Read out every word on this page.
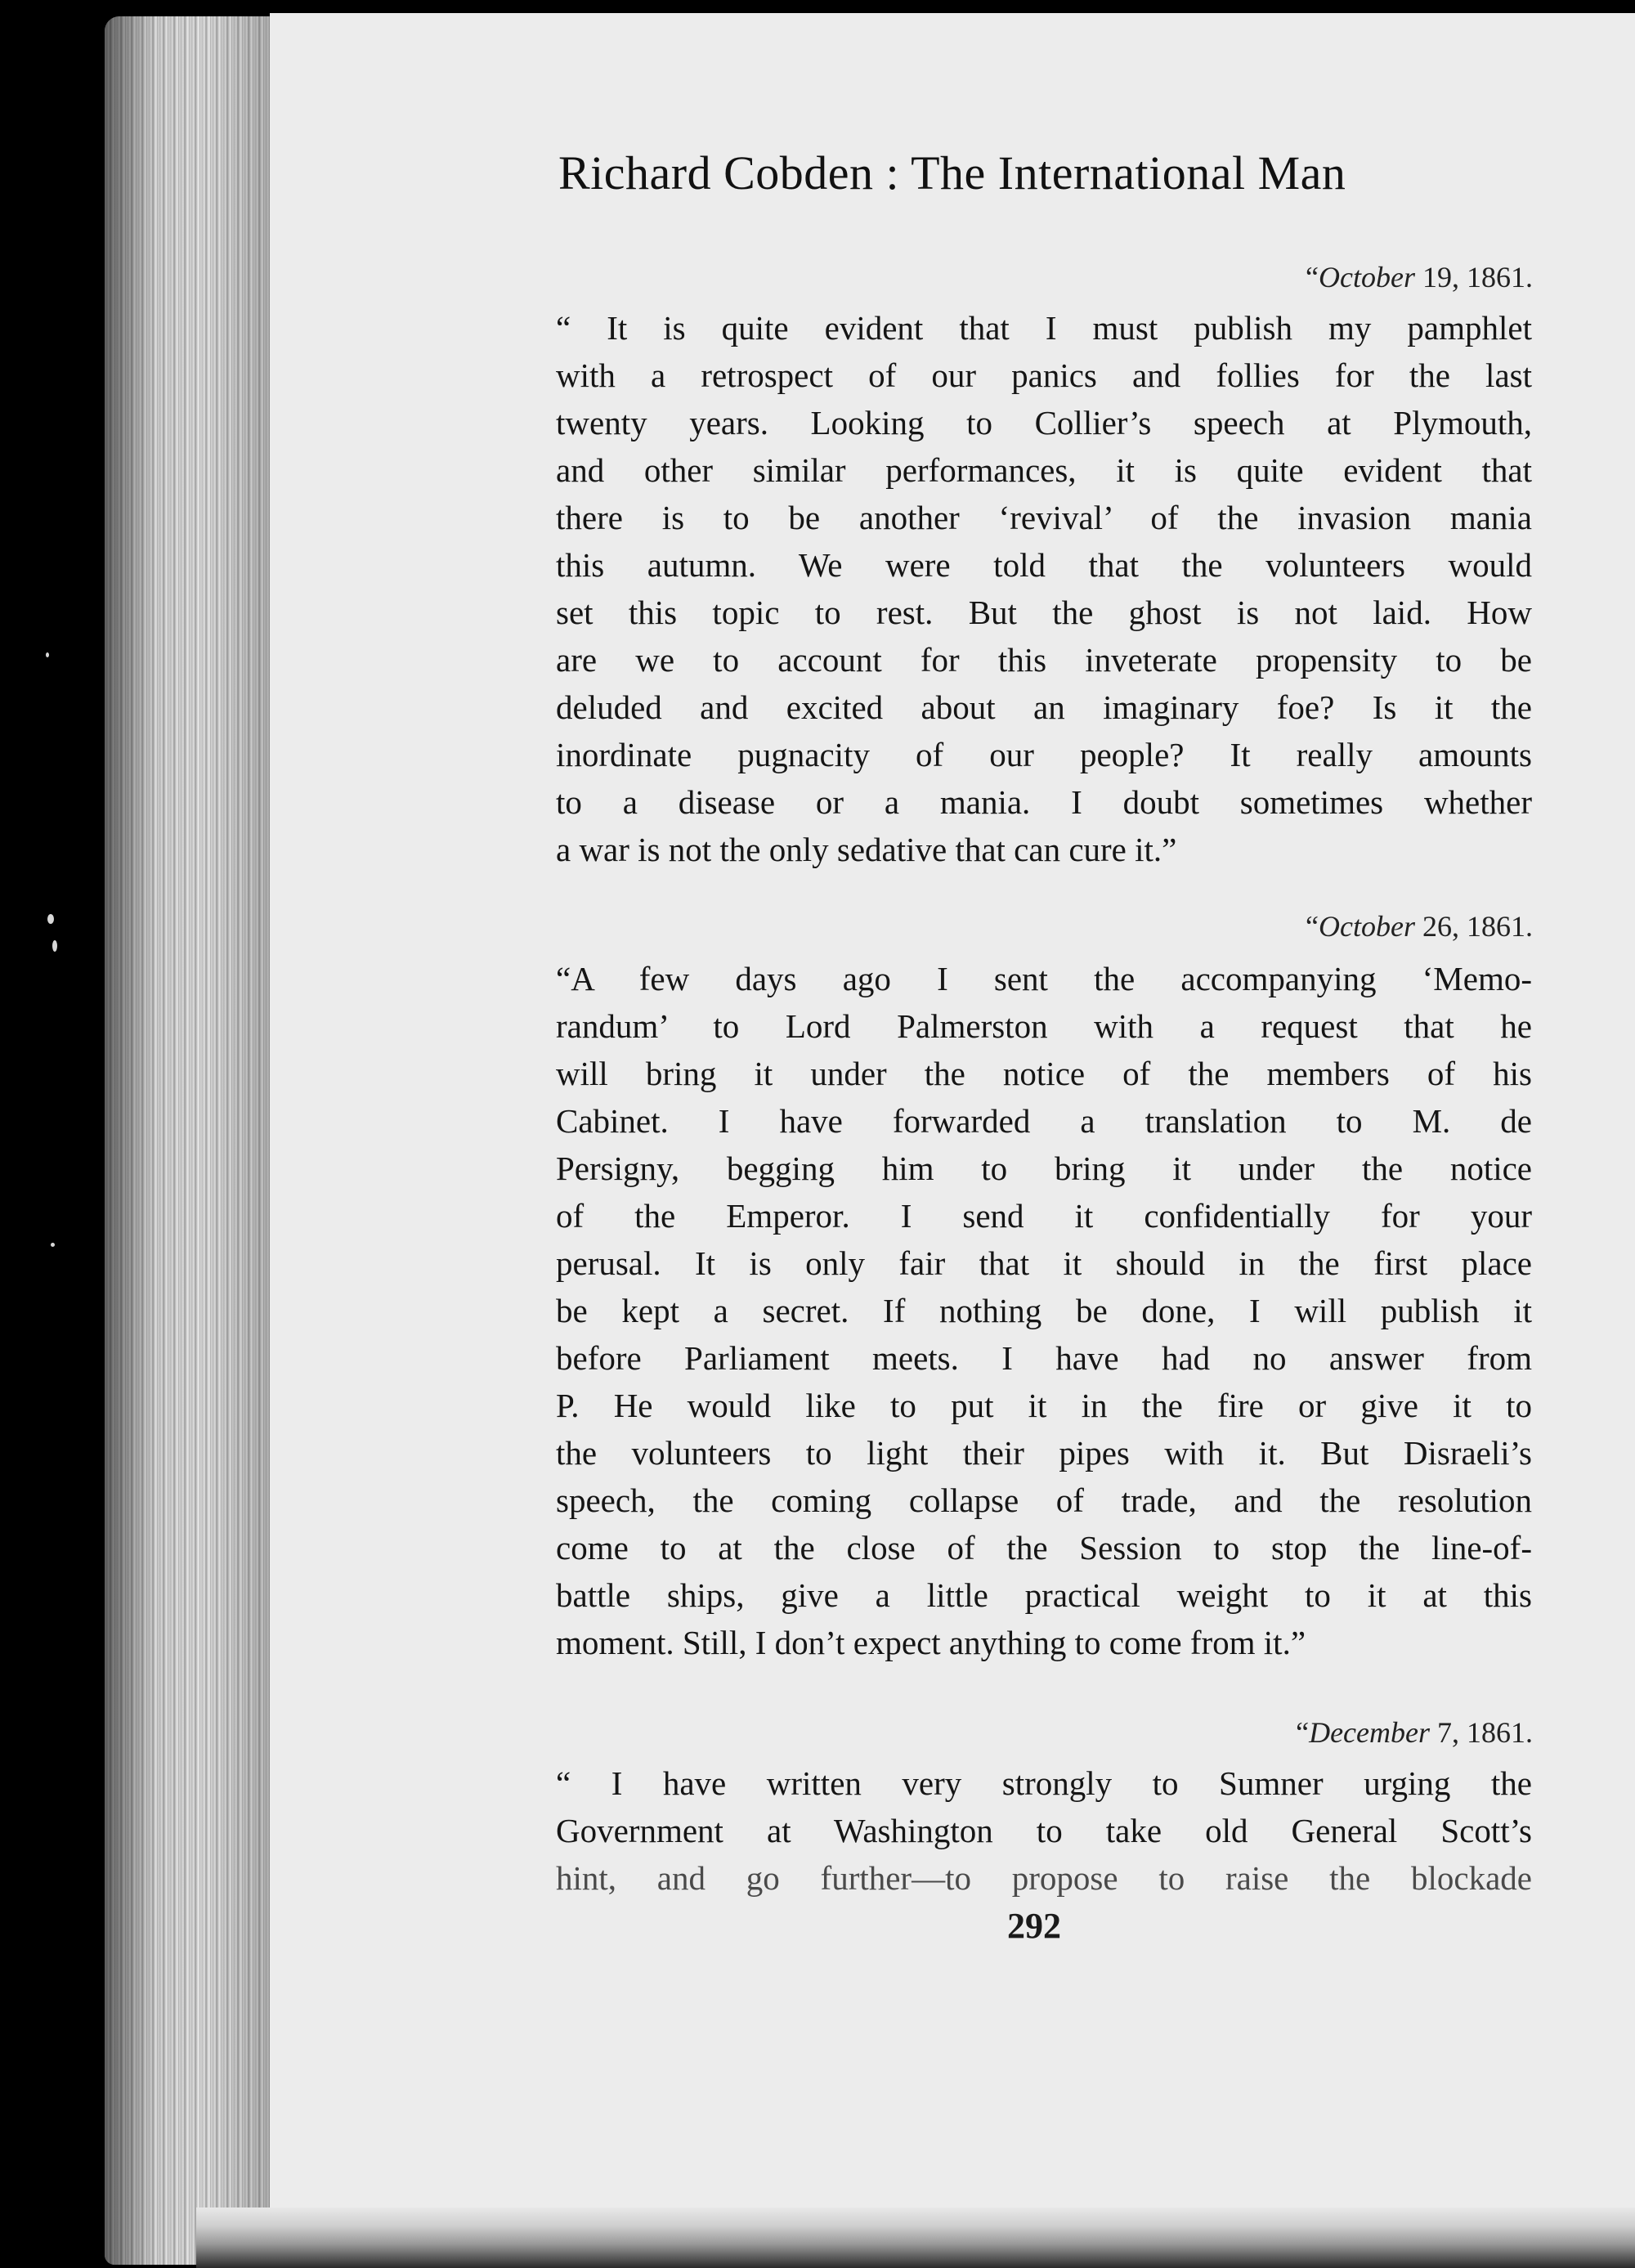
Richard Cobden : The International Man
“October 19, 1861.
“ It is quite evident that I must publish my pamphlet
with a retrospect of our panics and follies for the last
twenty years. Looking to Collier’s speech at Plymouth,
and other similar performances, it is quite evident that
there is to be another ‘revival’ of the invasion mania
this autumn. We were told that the volunteers would
set this topic to rest. But the ghost is not laid. How
are we to account for this inveterate propensity to be
deluded and excited about an imaginary foe? Is it the
inordinate pugnacity of our people? It really amounts
to a disease or a mania. I doubt sometimes whether
a war is not the only sedative that can cure it.”
“October 26, 1861.
“A few days ago I sent the accompanying ‘Memo-
randum’ to Lord Palmerston with a request that he
will bring it under the notice of the members of his
Cabinet. I have forwarded a translation to M. de
Persigny, begging him to bring it under the notice
of the Emperor. I send it confidentially for your
perusal. It is only fair that it should in the first place
be kept a secret. If nothing be done, I will publish it
before Parliament meets. I have had no answer from
P. He would like to put it in the fire or give it to
the volunteers to light their pipes with it. But Disraeli’s
speech, the coming collapse of trade, and the resolution
come to at the close of the Session to stop the line-of-
battle ships, give a little practical weight to it at this
moment. Still, I don’t expect anything to come from it.”
“December 7, 1861.
“ I have written very strongly to Sumner urging the
Government at Washington to take old General Scott’s
hint, and go further—to propose to raise the blockade
292
